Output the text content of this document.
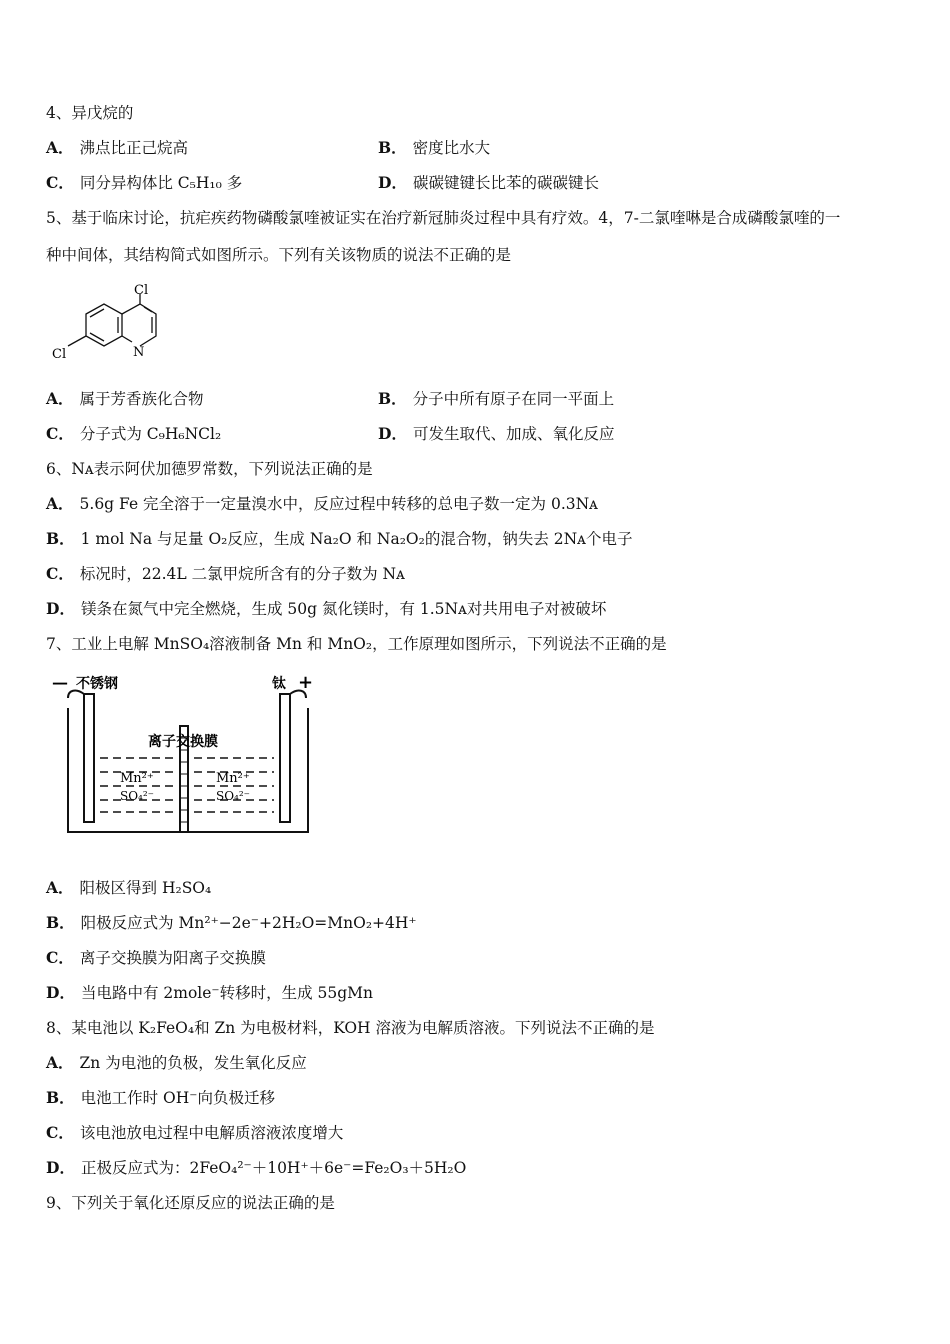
4、异戊烷的
A． 沸点比正己烷高	B． 密度比水大
C． 同分异构体比 C₅H₁₀ 多	D． 碳碳键键长比苯的碳碳键长
5、基于临床讨论，抗疟疾药物磷酸氯喹被证实在治疗新冠肺炎过程中具有疗效。4，7-二氯喹啉是合成磷酸氯喹的一
种中间体，其结构简式如图所示。下列有关该物质的说法不正确的是
Cl
Cl	N
A． 属于芳香族化合物	B． 分子中所有原子在同一平面上
C． 分子式为 C₉H₆NCl₂	D． 可发生取代、加成、氧化反应
6、Nᴀ表示阿伏加德罗常数，下列说法正确的是
A． 5.6g Fe 完全溶于一定量溴水中，反应过程中转移的总电子数一定为 0.3Nᴀ
B． 1 mol Na 与足量 O₂反应，生成 Na₂O 和 Na₂O₂的混合物，钠失去 2Nᴀ个电子
C． 标况时，22.4L 二氯甲烷所含有的分子数为 Nᴀ
D． 镁条在氮气中完全燃烧，生成 50g 氮化镁时，有 1.5Nᴀ对共用电子对被破坏
7、工业上电解 MnSO₄溶液制备 Mn 和 MnO₂，工作原理如图所示，下列说法不正确的是
— 不锈钢	钛 +
离子交换膜
Mn²⁺
SO₄²⁻
Mn²⁺
SO₄²⁻
A． 阳极区得到 H₂SO₄
B． 阳极反应式为 Mn²⁺−2e⁻+2H₂O=MnO₂+4H⁺
C． 离子交换膜为阳离子交换膜
D． 当电路中有 2mole⁻转移时，生成 55gMn
8、某电池以 K₂FeO₄和 Zn 为电极材料，KOH 溶液为电解质溶液。下列说法不正确的是
A． Zn 为电池的负极，发生氧化反应
B． 电池工作时 OH⁻向负极迁移
C． 该电池放电过程中电解质溶液浓度增大
D． 正极反应式为：2FeO₄²⁻＋10H⁺＋6e⁻=Fe₂O₃＋5H₂O
9、下列关于氧化还原反应的说法正确的是
